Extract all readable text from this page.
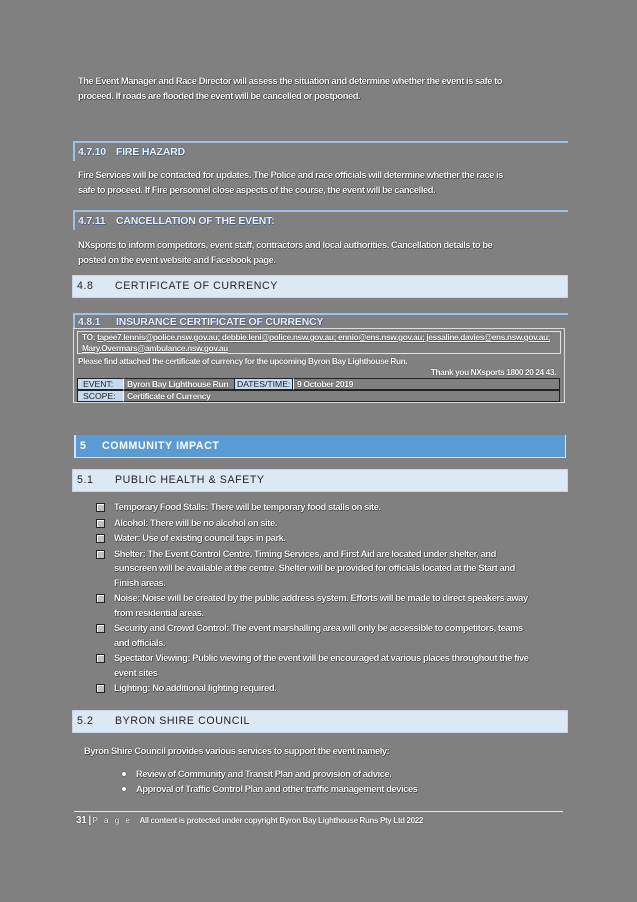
The Event Manager and Race Director will assess the situation and determine whether the event is safe to
proceed. If roads are flooded the event will be cancelled or postponed.
4.7.10 FIRE HAZARD
Fire Services will be contacted for updates. The Police and race officials will determine whether the race is
safe to proceed. If Fire personnel close aspects of the course, the event will be cancelled.
4.7.11 CANCELLATION OF THE EVENT:
NXsports to inform competitors, event staff, contractors and local authorities. Cancellation details to be
posted on the event website and Facebook page.
4.8 CERTIFICATE OF CURRENCY
4.8.1 INSURANCE CERTIFICATE OF CURRENCY
TO: tapee7.lennis@police.nsw.gov.au; debbie.leni@police.nsw.gov.au; ennio@ens.nsw.gov.au; jessaline.davies@ens.nsw.gov.au;
Mary.Overmars@ambulance.nsw.gov.au
Please find attached the certificate of currency for the upcoming Byron Bay Lighthouse Run.
Thank you NXsports 1800 20 24 43.
EVENT:	Byron Bay Lighthouse Run	DATES/TIME: 9 October 2019
SCOPE:	Certificate of Currency
5 COMMUNITY IMPACT
5.1 PUBLIC HEALTH & SAFETY
Temporary Food Stalls: There will be temporary food stalls on site.
Alcohol: There will be no alcohol on site.
Water: Use of existing council taps in park.
Shelter: The Event Control Centre, Timing Services, and First Aid are located under shelter, and
sunscreen will be available at the centre. Shelter will be provided for officials located at the Start and
Finish areas.
Noise: Noise will be created by the public address system. Efforts will be made to direct speakers away
from residential areas.
Security and Crowd Control: The event marshalling area will only be accessible to competitors, teams
and officials.
Spectator Viewing: Public viewing of the event will be encouraged at various places throughout the five
event sites
Lighting: No additional lighting required.
5.2 BYRON SHIRE COUNCIL
Byron Shire Council provides various services to support the event namely:
Review of Community and Transit Plan and provision of advice.
Approval of Traffic Control Plan and other traffic management devices
31 | P a g e All content is protected under copyright Byron Bay Lighthouse Runs Pty Ltd 2022
